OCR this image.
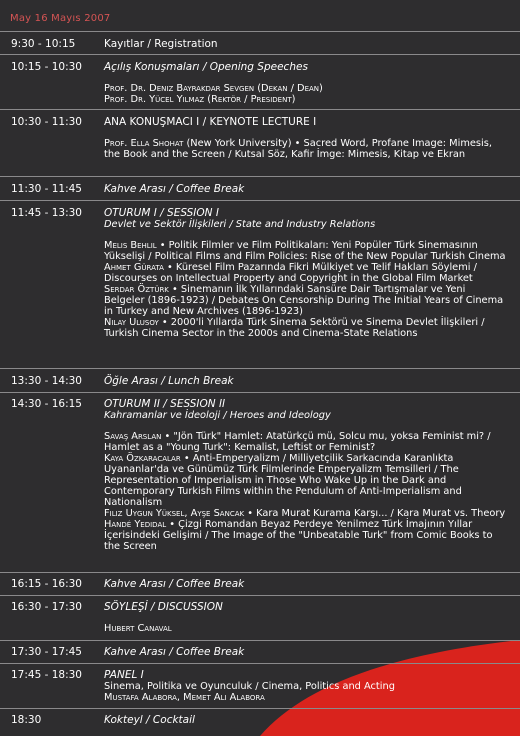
May 16 Mayıs 2007
9:30 - 10:15	Kayıtlar / Registration
10:15 - 10:30 Açılış Konuşmaları / Opening Speeches
Prof. Dr. Deniz Bayrakdar Sevgen (Dekan / Dean)
Prof. Dr. Yücel Yılmaz (Rektör / President)
10:30 - 11:30 ANA KONUŞMACI I / KEYNOTE LECTURE I

Prof. Ella Shohat (New York University) • Sacred Word, Profane Image: Mimesis, the Book and the Screen / Kutsal Söz, Kafir İmge: Mimesis, Kitap ve Ekran

11:30 - 11:45 Kahve Arası / Coffee Break
11:45 - 13:30 OTURUM I / SESSION I
Devlet ve Sektör İlişkileri / State and Industry Relations

Melis Behlil • Politik Filmler ve Film Politikaları: Yeni Popüler Türk Sinemasının Yükselişi / Political Films and Film Policies: Rise of the New Popular Turkish Cinema

Ahmet Gürata • Küresel Film Pazarında Fikri Mülkiyet ve Telif Hakları Söylemi / Discourses on Intellectual Property and Copyright in the Global Film Market

Serdar Öztürk • Sinemanın İlk Yıllarındaki Sansüre Dair Tartışmalar ve Yeni Belgeler (1896-1923) / Debates On Censorship During The Initial Years of Cinema in Turkey and New Archives (1896-1923)

Nilay Ulusoy • 2000'li Yıllarda Türk Sinema Sektörü ve Sinema Devlet İlişkileri / Turkish Cinema Sector in the 2000s and Cinema-State Relations

13:30 - 14:30 Öğle Arası / Lunch Break
14:30 - 16:15 OTURUM II / SESSION II
Kahramanlar ve İdeoloji / Heroes and Ideology

Savaş Arslan • "Jön Türk" Hamlet: Atatürkçü mü, Solcu mu, yoksa Feminist mi? / Hamlet as a "Young Turk": Kemalist, Leftist or Feminist?

Kaya Özkaracalar • Anti-Emperyalizm / Milliyetçilik Sarkacında Karanlıkta Uyananlar'da ve Günümüz Türk Filmlerinde Emperyalizm Temsilleri / The Representation of Imperialism in Those Who Wake Up in the Dark and Contemporary Turkish Films within the Pendulum of Anti-Imperialism and Nationalism

Filiz Uygun Yüksel, Ayşe Sancak • Kara Murat Kurama Karşı... / Kara Murat vs. Theory

Handé Yedidal • Çizgi Romandan Beyaz Perdeye Yenilmez Türk İmajının Yıllar İçerisindeki Gelişimi / The Image of the "Unbeatable Turk" from Comic Books to the Screen

16:15 - 16:30 Kahve Arası / Coffee Break
16:30 - 17:30 SÖYLEŞİ / DISCUSSION
Hubert Canaval
17:30 - 17:45 Kahve Arası / Coffee Break
17:45 - 18:30 PANEL I
Sinema, Politika ve Oyunculuk / Cinema, Politics and Acting
Mustafa Alabora, Memet Ali Alabora
18:30	Kokteyl / Cocktail
